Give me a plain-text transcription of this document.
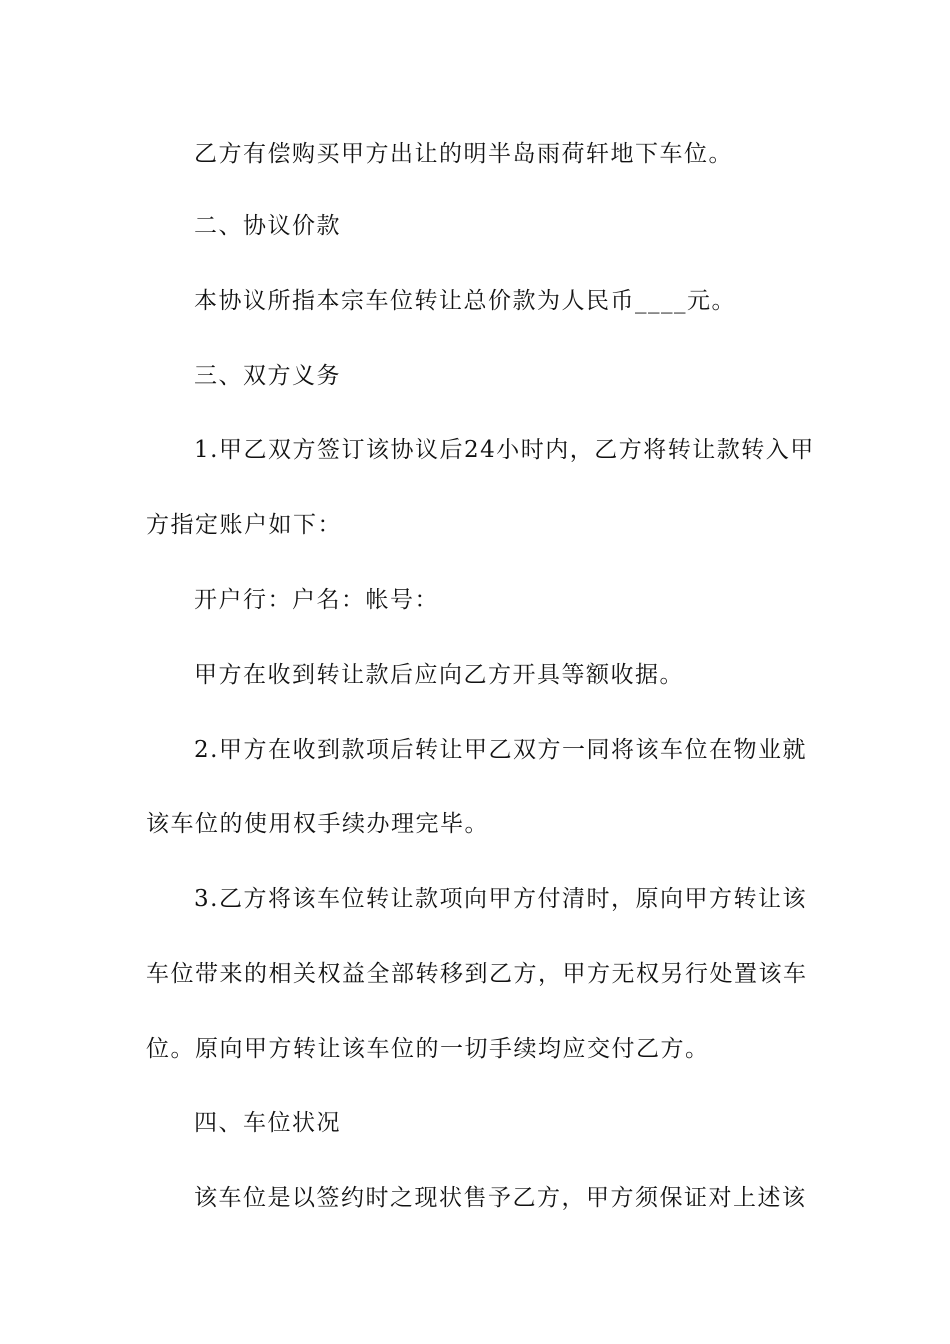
乙方有偿购买甲方出让的明半岛雨荷轩地下车位。

二、协议价款

本协议所指本宗车位转让总价款为人民币____元。

三、双方义务

1.甲乙双方签订该协议后24小时内，乙方将转让款转入甲

方指定账户如下：

开户行：户名：帐号：

甲方在收到转让款后应向乙方开具等额收据。

2.甲方在收到款项后转让甲乙双方一同将该车位在物业就

该车位的使用权手续办理完毕。

3.乙方将该车位转让款项向甲方付清时，原向甲方转让该

车位带来的相关权益全部转移到乙方，甲方无权另行处置该车

位。原向甲方转让该车位的一切手续均应交付乙方。

四、车位状况

该车位是以签约时之现状售予乙方，甲方须保证对上述该
